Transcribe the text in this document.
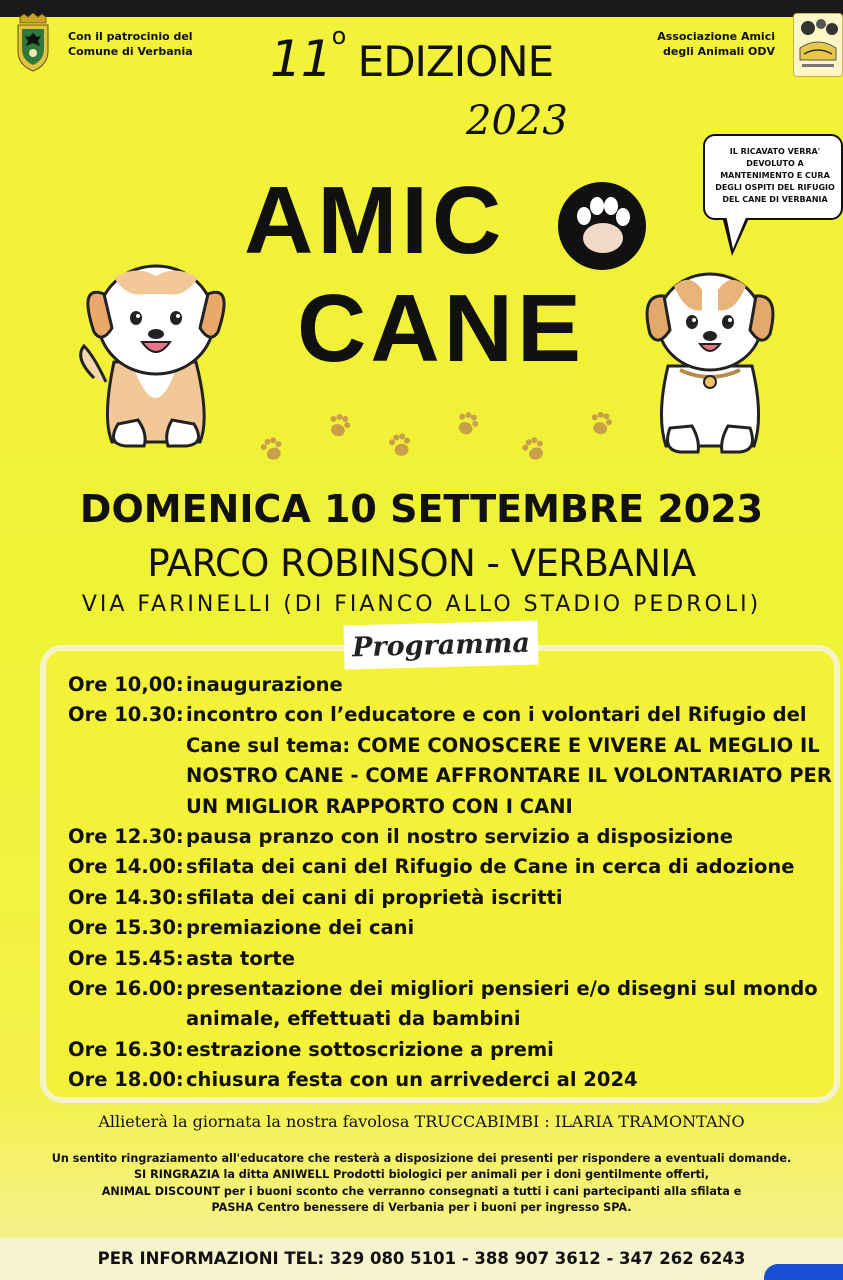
Con il patrocinio del
Comune di Verbania
Associazione Amici
degli Animali ODV
11$^o$ EDIZIONE
2023
AMIC
CANE
IL RICAVATO VERRA'
DEVOLUTO A
MANTENIMENTO E CURA
DEGLI OSPITI DEL RIFUGIO
DEL CANE DI VERBANIA
DOMENICA 10 SETTEMBRE 2023
PARCO ROBINSON - VERBANIA
VIA FARINELLI (DI FIANCO ALLO STADIO PEDROLI)
Programma
Ore 10,00: inaugurazione
Ore 10.30: incontro con l’educatore e con i volontari del Rifugio del
Cane sul tema: COME CONOSCERE E VIVERE AL MEGLIO IL
NOSTRO CANE - COME AFFRONTARE IL VOLONTARIATO PER
UN MIGLIOR RAPPORTO CON I CANI
Ore 12.30: pausa pranzo con il nostro servizio a disposizione
Ore 14.00: sfilata dei cani del Rifugio de Cane in cerca di adozione
Ore 14.30: sfilata dei cani di proprietà iscritti
Ore 15.30: premiazione dei cani
Ore 15.45: asta torte
Ore 16.00: presentazione dei migliori pensieri e/o disegni sul mondo
animale, effettuati da bambini
Ore 16.30: estrazione sottoscrizione a premi
Ore 18.00: chiusura festa con un arrivederci al 2024
Allieterà la giornata la nostra favolosa TRUCCABIMBI : ILARIA TRAMONTANO
Un sentito ringraziamento all'educatore che resterà a disposizione dei presenti per rispondere a eventuali domande.
SI RINGRAZIA la ditta ANIWELL Prodotti biologici per animali per i doni gentilmente offerti,
ANIMAL DISCOUNT per i buoni sconto che verranno consegnati a tutti i cani partecipanti alla sfilata e
PASHA Centro benessere di Verbania per i buoni per ingresso SPA.
PER INFORMAZIONI TEL: 329 080 5101 - 388 907 3612 - 347 262 6243
